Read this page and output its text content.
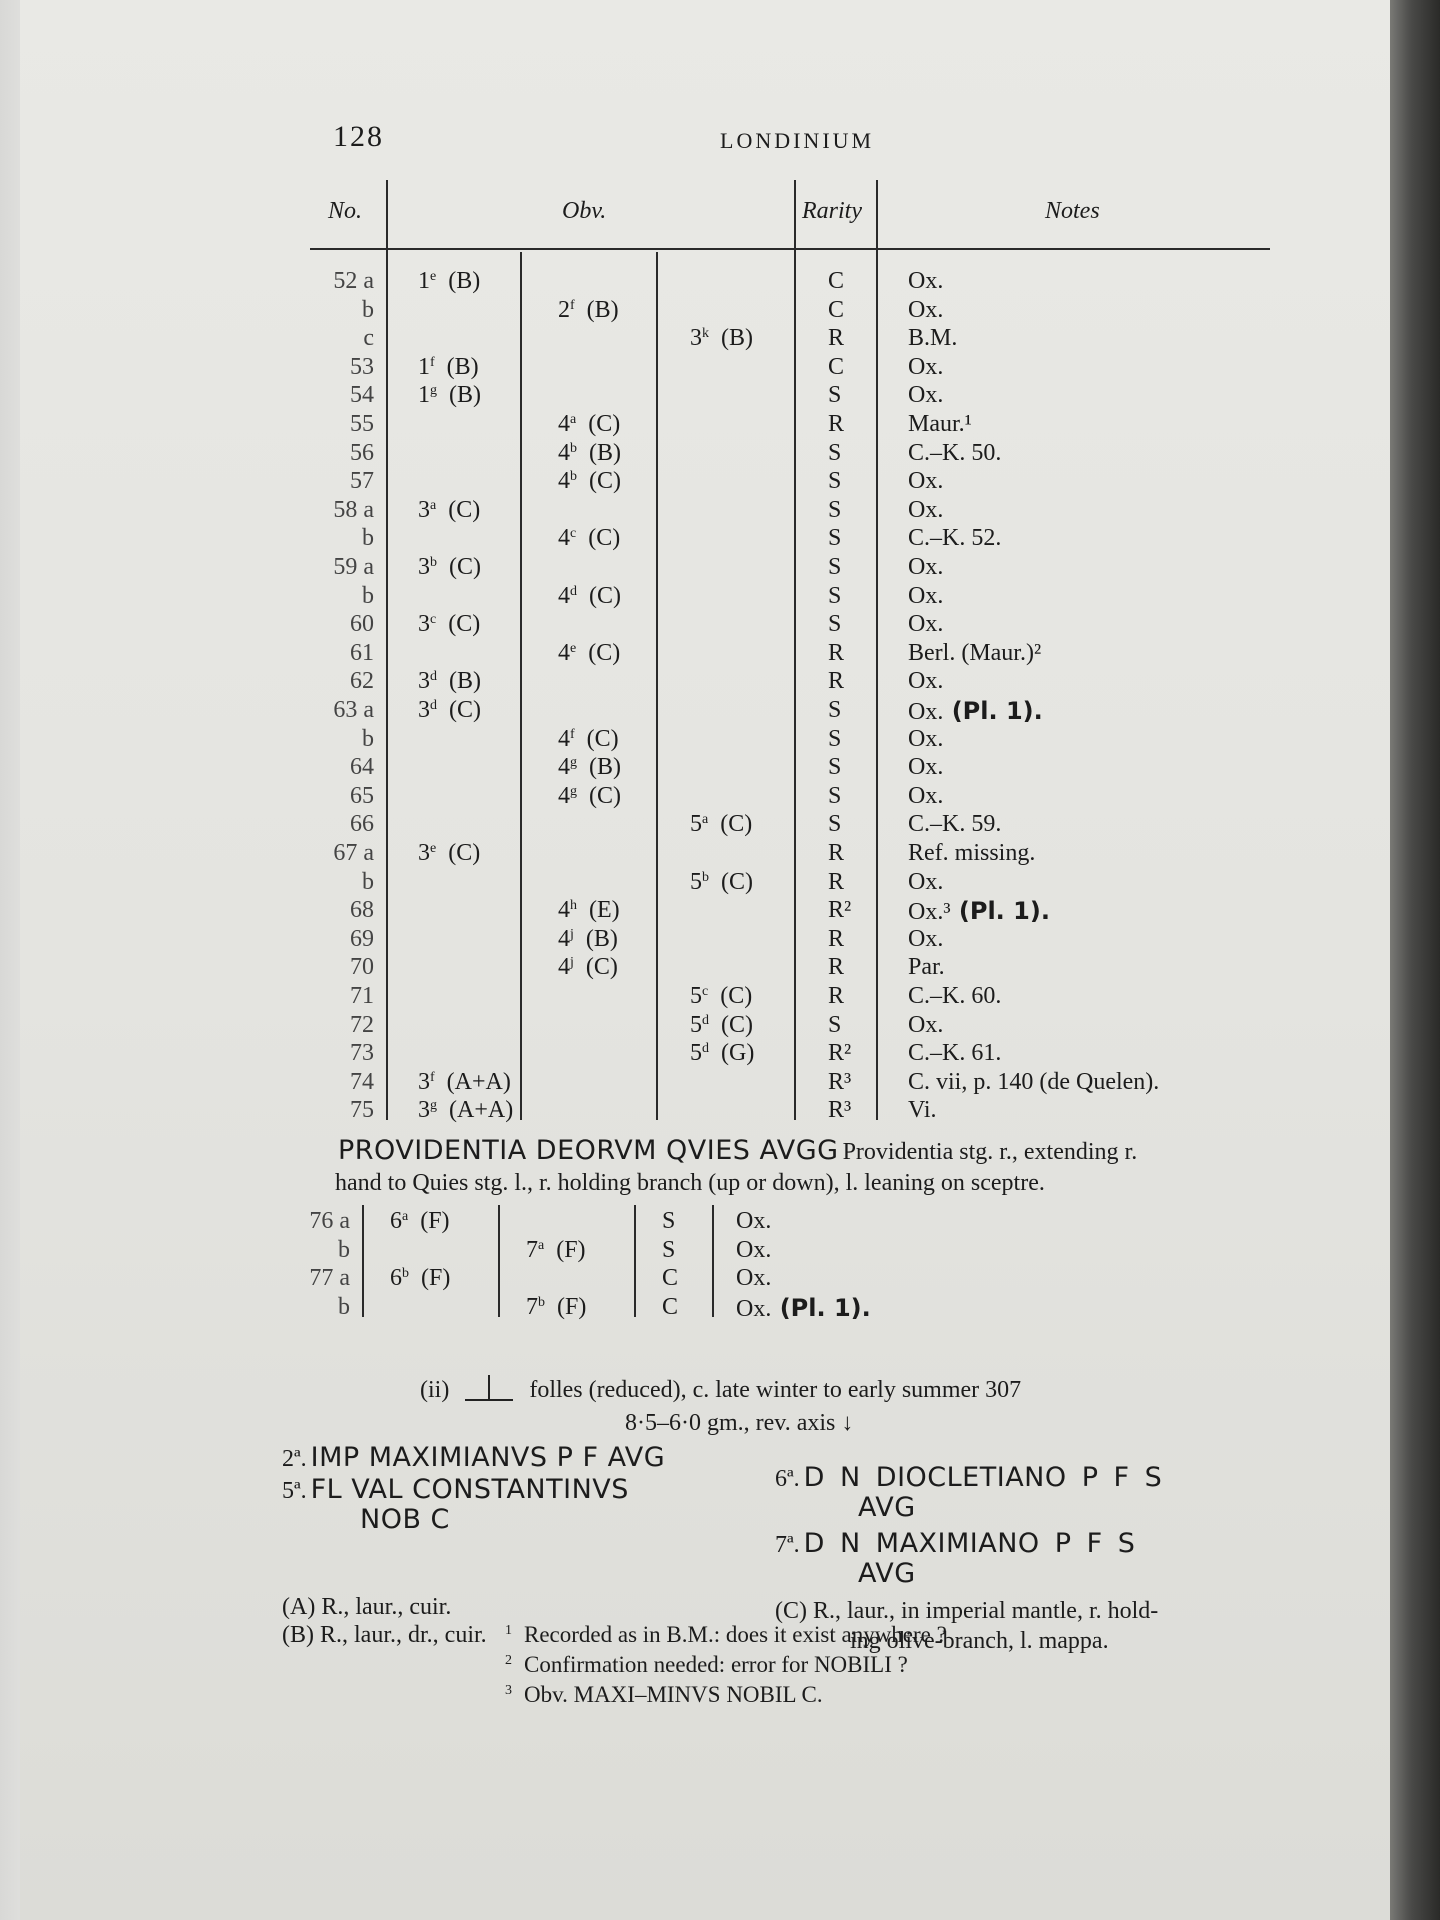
128	LONDINIUM
No.	Obv.	Rarity	Notes
52 a 1e (B)	C	Ox.
b	2$^f$ (B)	C	Ox.
c	3$^k$ (B)	R	B.M.
53 1$^f$ (B)	C	Ox.
54 1$^g$ (B)	S	Ox.
55	4$^a$ (C)	R	Maur.¹
56	4$^b$ (B)	S	C.–K. 50.
57	4$^b$ (C)	S	Ox.
58 a 3$^a$ (C)	S	Ox.
b	4$^c$ (C)	S	C.–K. 52.
59 a 3$^b$ (C)	S	Ox.
b	4$^d$ (C)	S	Ox.
60 3$^c$ (C)	S	Ox.
61	4e (C)	R	Berl. (Maur.)²
62 3$^d$ (B)	R	Ox.
63 a 3$^d$ (C)	S	Ox. (Pl. 1).
b	4$^f$ (C)	S	Ox.
64	4$^g$ (B)	S	Ox.
65	4$^g$ (C)	S	Ox.
66	5$^a$ (C)	S	C.–K. 59.
67 a 3e (C)	R	Ref. missing.
b	5$^b$ (C)	R	Ox.
68	4$^h$ (E)	R²	Ox.³ (Pl. 1).
69	4$^j$ (B)	R	Ox.
70	4$^j$ (C)	R	Par.
71	5$^c$ (C)	R	C.–K. 60.
72	5$^d$ (C)	S	Ox.
73	5$^d$ (G)	R²	C.–K. 61.
74 3$^f$ (A+A)	R³	C. vii, p. 140 (de Quelen).
75 3$^g$ (A+A)	R³	Vi.
PROVIDENTIA DEORVM QVIES AVGG Providentia stg. r., extending r.
hand to Quies stg. l., r. holding branch (up or down), l. leaning on sceptre.
76 a 6$^a$ (F)	S	Ox.
b	7$^a$ (F)	S	Ox.
77 a 6$^b$ (F)	C Ox.
b	7$^b$ (F)	C Ox. (Pl. 1).
(ii)	folles (reduced), c. late winter to early summer 307
8·5–6·0 gm., rev. axis ↓
2ª. IMP MAXIMIANVS P F AVG
5ª. FL VAL CONSTANTINVS
NOB C
6ª. D N DIOCLETIANO P F S
AVG
7ª. D N MAXIMIANO P F S
AVG
(A) R., laur., cuir.
(B) R., laur., dr., cuir.
(C) R., laur., in imperial mantle, r. hold-
ing olive-branch, l. mappa.
$^1$ Recorded as in B.M.: does it exist anywhere ?
$^2$ Confirmation needed: error for NOBILI ?
$^3$ Obv. MAXI–MINVS NOBIL C.
